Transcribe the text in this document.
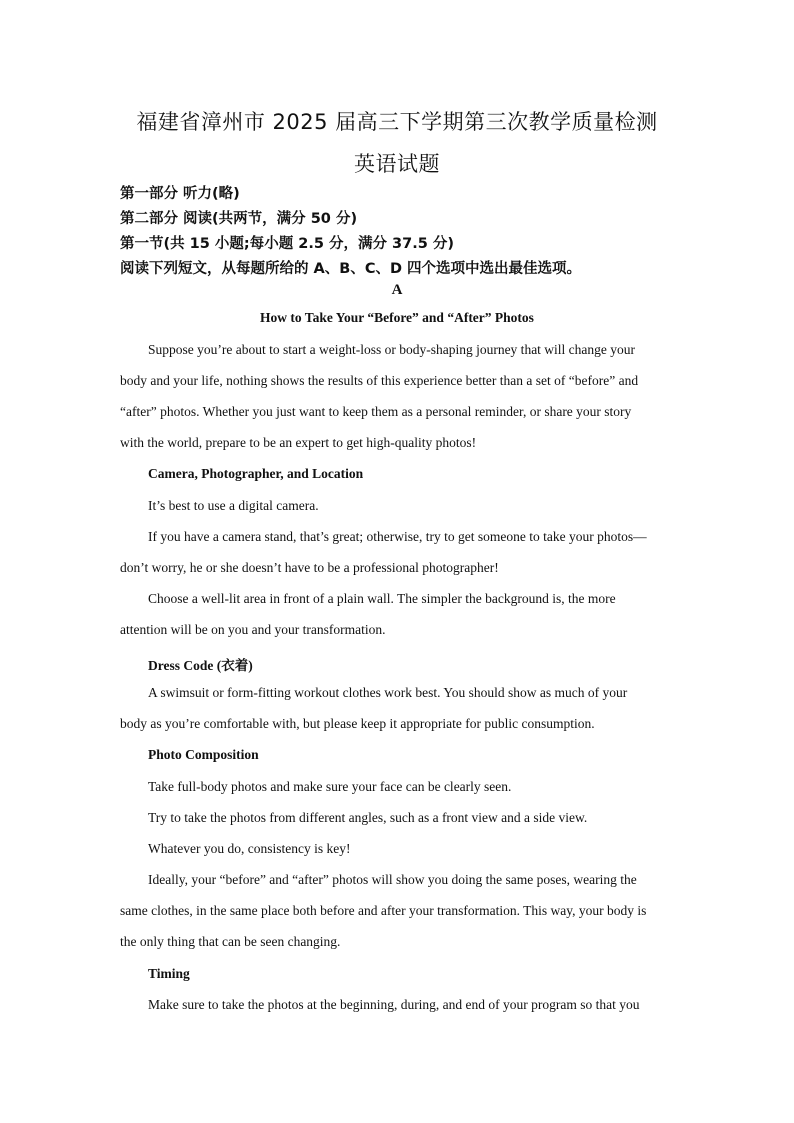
福建省漳州市 2025 届高三下学期第三次教学质量检测
英语试题
第一部分 听力(略)
第二部分 阅读(共两节，满分 50 分)
第一节(共 15 小题;每小题 2.5 分，满分 37.5 分)
阅读下列短文，从每题所给的 A、B、C、D 四个选项中选出最佳选项。
A
How to Take Your “Before” and “After” Photos
Suppose you’re about to start a weight-loss or body-shaping journey that will change your
body and your life, nothing shows the results of this experience better than a set of “before” and
“after” photos. Whether you just want to keep them as a personal reminder, or share your story
with the world, prepare to be an expert to get high-quality photos!
Camera, Photographer, and Location
It’s best to use a digital camera.
If you have a camera stand, that’s great; otherwise, try to get someone to take your photos—
don’t worry, he or she doesn’t have to be a professional photographer!
Choose a well-lit area in front of a plain wall. The simpler the background is, the more
attention will be on you and your transformation.
Dress Code (衣着)
A swimsuit or form-fitting workout clothes work best. You should show as much of your
body as you’re comfortable with, but please keep it appropriate for public consumption.
Photo Composition
Take full-body photos and make sure your face can be clearly seen.
Try to take the photos from different angles, such as a front view and a side view.
Whatever you do, consistency is key!
Ideally, your “before” and “after” photos will show you doing the same poses, wearing the
same clothes, in the same place both before and after your transformation. This way, your body is
the only thing that can be seen changing.
Timing
Make sure to take the photos at the beginning, during, and end of your program so that you
